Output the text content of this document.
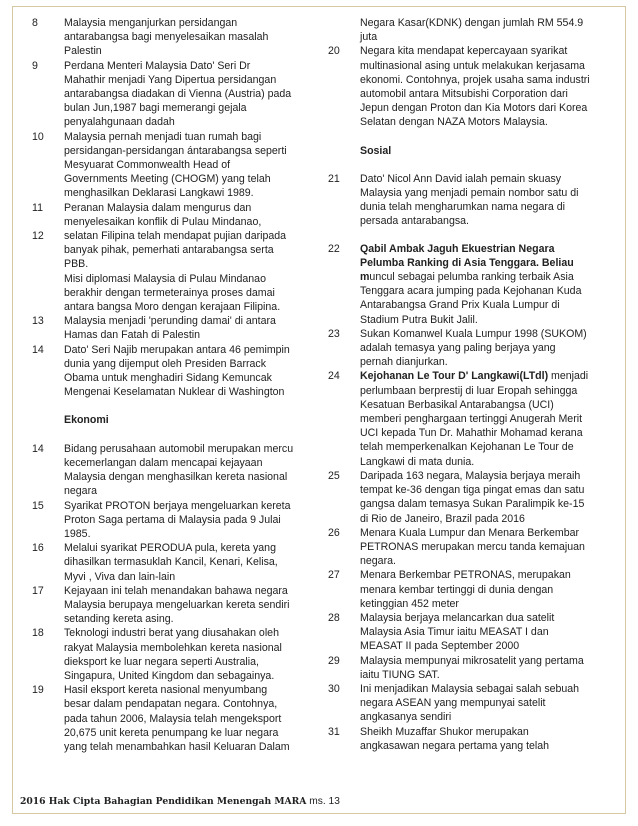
8	Malaysia menganjurkan persidangan

antarabangsa bagi menyelesaikan masalah

Palestin

9	Perdana Menteri Malaysia Dato' Seri Dr

Mahathir menjadi Yang Dipertua persidangan

antarabangsa diadakan di Vienna (Austria) pada

bulan Jun,1987 bagi memerangi gejala

penyalahgunaan dadah

10	Malaysia pernah menjadi tuan rumah bagi

persidangan-persidangan ántarabangsa seperti

Mesyuarat Commonwealth Head of

Governments Meeting (CHOGM) yang telah

menghasilkan Deklarasi Langkawi 1989.

11	Peranan Malaysia dalam mengurus dan

menyelesaikan konflik di Pulau Mindanao,

12	selatan Filipina telah mendapat pujian daripada

banyak pihak, pemerhati antarabangsa serta

PBB.

Misi diplomasi Malaysia di Pulau Mindanao

berakhir dengan termeterainya proses damai

antara bangsa Moro dengan kerajaan Filipina.

13	Malaysia menjadi 'perunding damai' di antara

Hamas dan Fatah di Palestin

14	Dato' Seri Najib merupakan antara 46 pemimpin

dunia yang dijemput oleh Presiden Barrack

Obama untuk menghadiri Sidang Kemuncak

Mengenai Keselamatan Nuklear di Washington

Ekonomi
14	Bidang perusahaan automobil merupakan mercu

kecemerlangan dalam mencapai kejayaan

Malaysia dengan menghasilkan kereta nasional

negara

15	Syarikat PROTON berjaya mengeluarkan kereta

Proton Saga pertama di Malaysia pada 9 Julai

1985.

16	Melalui syarikat PERODUA pula, kereta yang

dihasilkan termasuklah Kancil, Kenari, Kelisa,

Myvi , Viva dan lain-lain

17	Kejayaan ini telah menandakan bahawa negara

Malaysia berupaya mengeluarkan kereta sendiri

setanding kereta asing.

18	Teknologi industri berat yang diusahakan oleh

rakyat Malaysia membolehkan kereta nasional

dieksport ke luar negara seperti Australia,

Singapura, United Kingdom dan sebagainya.

19	Hasil eksport kereta nasional menyumbang

besar dalam pendapatan negara. Contohnya,

pada tahun 2006, Malaysia telah mengeksport

20,675 unit kereta penumpang ke luar negara

yang telah menambahkan hasil Keluaran Dalam

Negara Kasar(KDNK) dengan jumlah RM 554.9

juta

20	Negara kita mendapat kepercayaan syarikat

multinasional asing untuk melakukan kerjasama

ekonomi. Contohnya, projek usaha sama industri

automobil antara Mitsubishi Corporation dari

Jepun dengan Proton dan Kia Motors dari Korea

Selatan dengan NAZA Motors Malaysia.

Sosial
21	Dato' Nicol Ann David ialah pemain skuasy

Malaysia yang menjadi pemain nombor satu di

dunia telah mengharumkan nama negara di

persada antarabangsa.

22	Qabil Ambak Jaguh Ekuestrian Negara

Pelumba Ranking di Asia Tenggara. Beliau

muncul sebagai pelumba ranking terbaik Asia

Tenggara acara jumping pada Kejohanan Kuda

Antarabangsa Grand Prix Kuala Lumpur di

Stadium Putra Bukit Jalil.

23	Sukan Komanwel Kuala Lumpur 1998 (SUKOM)

adalah temasya yang paling berjaya yang

pernah dianjurkan.

24	Kejohanan Le Tour D' Langkawi(LTdl) menjadi

perlumbaan berprestij di luar Eropah sehingga

Kesatuan Berbasikal Antarabangsa (UCI)

memberi penghargaan tertinggi Anugerah Merit

UCI kepada Tun Dr. Mahathir Mohamad kerana

telah memperkenalkan Kejohanan Le Tour de

Langkawi di mata dunia.

25	Daripada 163 negara, Malaysia berjaya meraih

tempat ke-36 dengan tiga pingat emas dan satu

gangsa dalam temasya Sukan Paralimpik ke-15

di Rio de Janeiro, Brazil pada 2016

26	Menara Kuala Lumpur dan Menara Berkembar

PETRONAS merupakan mercu tanda kemajuan

negara.

27	Menara Berkembar PETRONAS, merupakan

menara kembar tertinggi di dunia dengan

ketinggian 452 meter

28	Malaysia berjaya melancarkan dua satelit

Malaysia Asia Timur iaitu MEASAT I dan

MEASAT II pada September 2000

29	Malaysia mempunyai mikrosatelit yang pertama

iaitu TIUNG SAT.

30	Ini menjadikan Malaysia sebagai salah sebuah

negara ASEAN yang mempunyai satelit

angkasanya sendiri

31	Sheikh Muzaffar Shukor merupakan

angkasawan negara pertama yang telah

2016 Hak Cipta Bahagian Pendidikan Menengah MARA ms. 13
